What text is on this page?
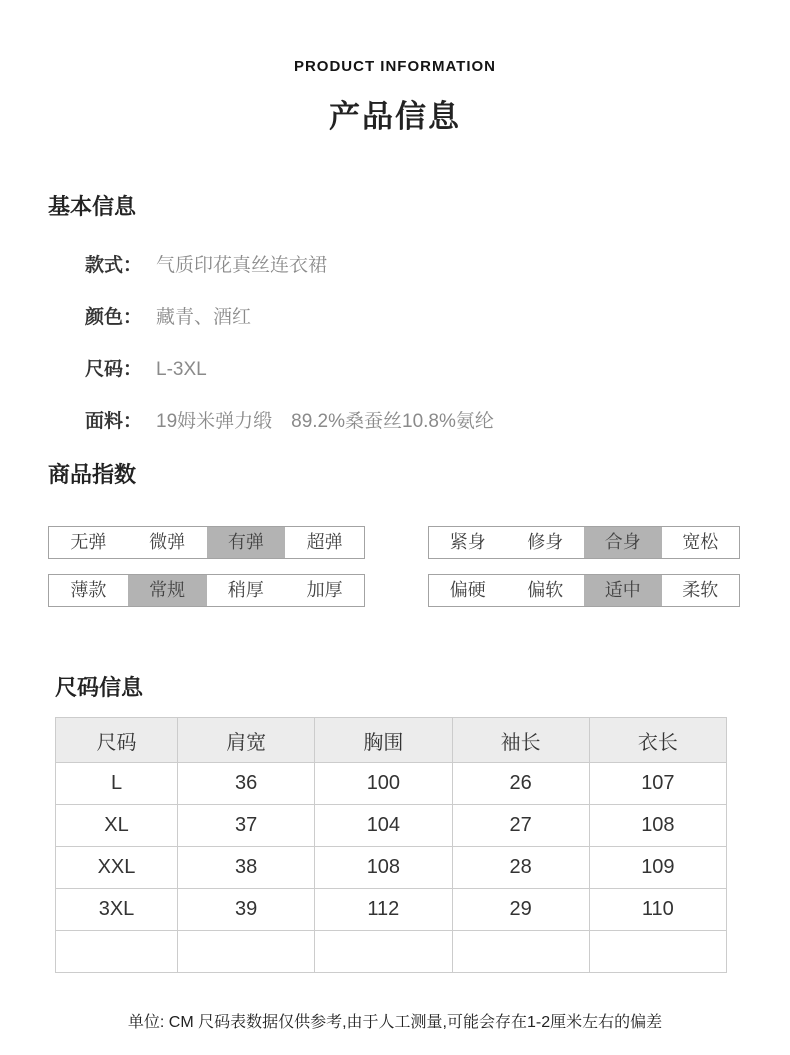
PRODUCT INFORMATION
产品信息
基本信息
款式： 气质印花真丝连衣裙
颜色： 藏青、酒红
尺码： L-3XL
面料： 19姆米弹力缎　89.2%桑蚕丝10.8%氨纶
商品指数
无弹	微弹	有弹	超弹	紧身	修身	合身	宽松
薄款	常规	稍厚	加厚	偏硬	偏软	适中	柔软
尺码信息
尺码	肩宽	胸围	袖长	衣长
L	36	100	26	107
XL	37	104	27	108
XXL	38	108	28	109
3XL	39	112	29	110

单位: CM 尺码表数据仅供参考,由于人工测量,可能会存在1-2厘米左右的偏差
